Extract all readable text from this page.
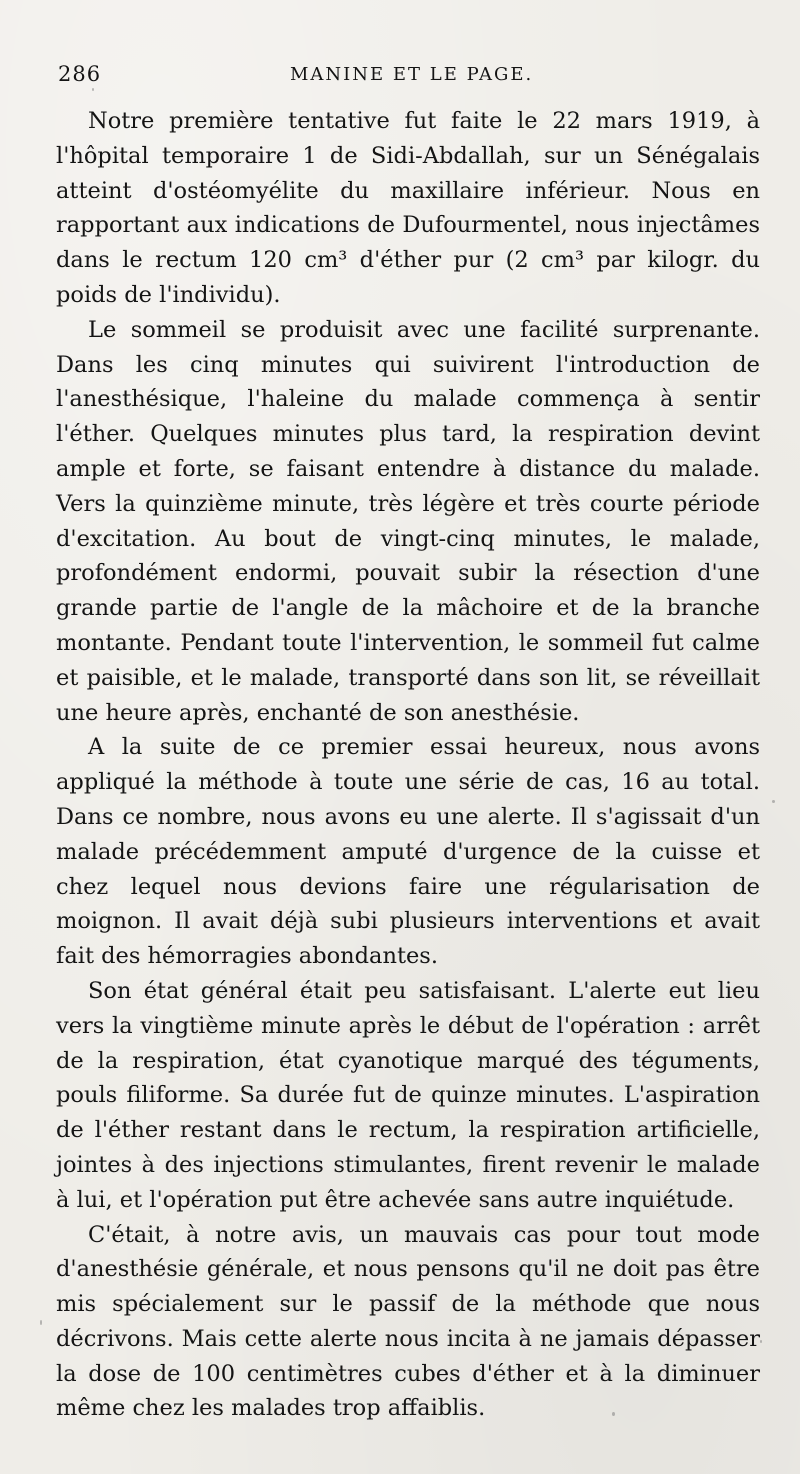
286	MANINE ET LE PAGE.

Notre première tentative fut faite le 22 mars 1919, à l'hôpital temporaire 1 de Sidi-Abdallah, sur un Sénégalais atteint d'ostéomyélite du maxillaire inférieur. Nous en rapportant aux indications de Dufourmentel, nous injectâmes dans le rectum 120 cm³ d'éther pur (2 cm³ par kilogr. du poids de l'individu).

Le sommeil se produisit avec une facilité surprenante. Dans les cinq minutes qui suivirent l'introduction de l'anesthésique, l'haleine du malade commença à sentir l'éther. Quelques minutes plus tard, la respiration devint ample et forte, se faisant entendre à distance du malade. Vers la quinzième minute, très légère et très courte période d'excitation. Au bout de vingt-cinq minutes, le malade, profondément endormi, pouvait subir la résection d'une grande partie de l'angle de la mâchoire et de la branche montante. Pendant toute l'intervention, le sommeil fut calme et paisible, et le malade, transporté dans son lit, se réveillait une heure après, enchanté de son anesthésie.

A la suite de ce premier essai heureux, nous avons appliqué la méthode à toute une série de cas, 16 au total. Dans ce nombre, nous avons eu une alerte. Il s'agissait d'un malade précédemment amputé d'urgence de la cuisse et chez lequel nous devions faire une régularisation de moignon. Il avait déjà subi plusieurs interventions et avait fait des hémorragies abondantes.

Son état général était peu satisfaisant. L'alerte eut lieu vers la vingtième minute après le début de l'opération : arrêt de la respiration, état cyanotique marqué des téguments, pouls filiforme. Sa durée fut de quinze minutes. L'aspiration de l'éther restant dans le rectum, la respiration artificielle, jointes à des injections stimulantes, firent revenir le malade à lui, et l'opération put être achevée sans autre inquiétude.

C'était, à notre avis, un mauvais cas pour tout mode d'anesthésie générale, et nous pensons qu'il ne doit pas être mis spécialement sur le passif de la méthode que nous décrivons. Mais cette alerte nous incita à ne jamais dépasser la dose de 100 centimètres cubes d'éther et à la diminuer même chez les malades trop affaiblis.
